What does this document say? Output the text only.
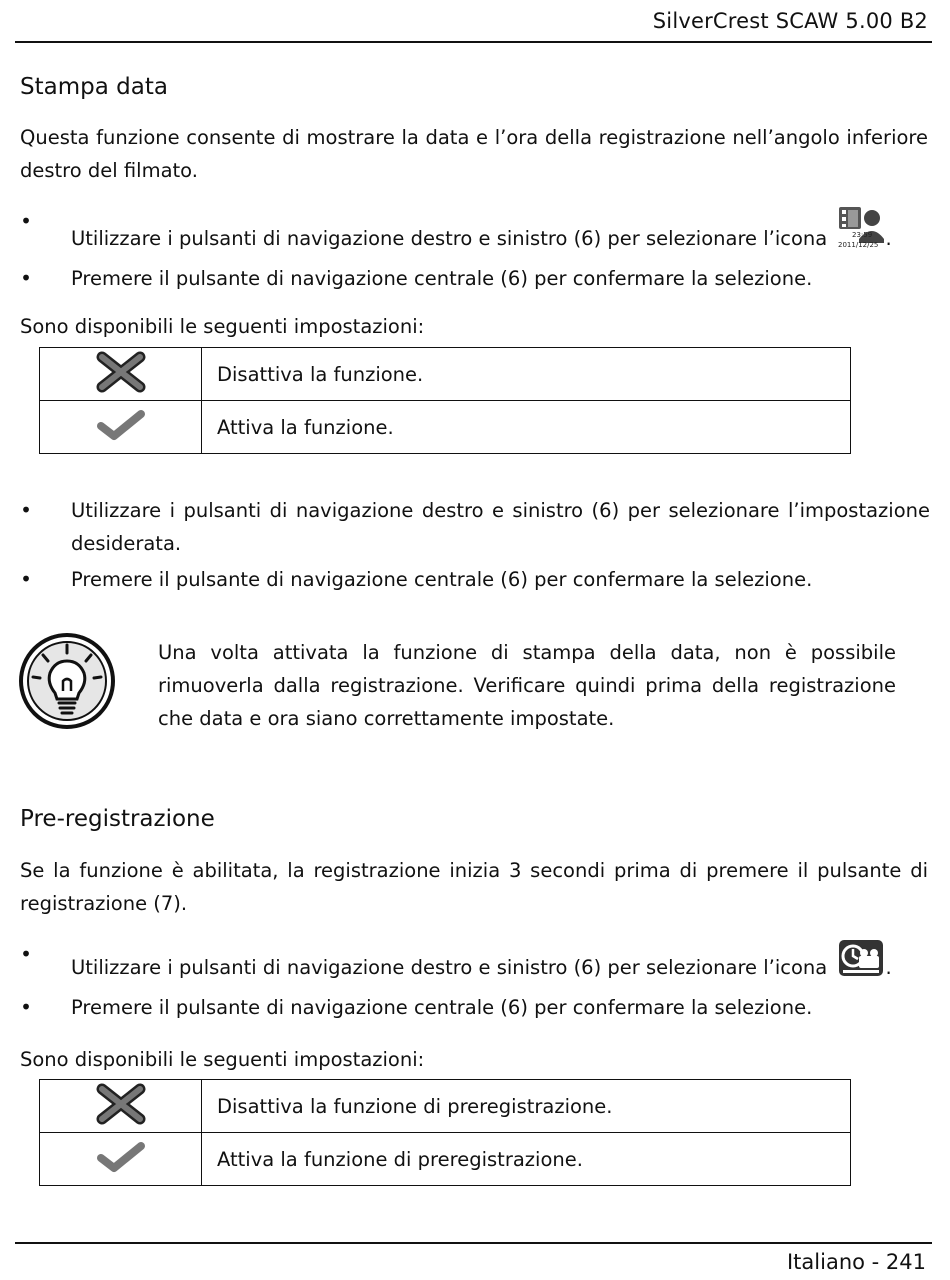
SilverCrest SCAW 5.00 B2
Stampa data

Questa funzione consente di mostrare la data e l’ora della registrazione nell’angolo inferiore destro del filmato.

•
Utilizzare i pulsanti di navigazione destro e sinistro (6) per selezionare l’icona	23:59
2011/12/25 .
• Premere il pulsante di navigazione centrale (6) per confermare la selezione.
Sono disponibili le seguenti impostazioni:
	Disattiva la funzione.
	Attiva la funzione.
• Utilizzare i pulsanti di navigazione destro e sinistro (6) per selezionare l’impostazione desiderata.
• Premere il pulsante di navigazione centrale (6) per confermare la selezione.

Una volta attivata la funzione di stampa della data, non è possibile rimuoverla dalla registrazione. Verificare quindi prima della registrazione che data e ora siano correttamente impostate.

Pre-registrazione

Se la funzione è abilitata, la registrazione inizia 3 secondi prima di premere il pulsante di registrazione (7).

•
Utilizzare i pulsanti di navigazione destro e sinistro (6) per selezionare l’icona	.
• Premere il pulsante di navigazione centrale (6) per confermare la selezione.
Sono disponibili le seguenti impostazioni:
	Disattiva la funzione di preregistrazione.
	Attiva la funzione di preregistrazione.
Italiano - 241
